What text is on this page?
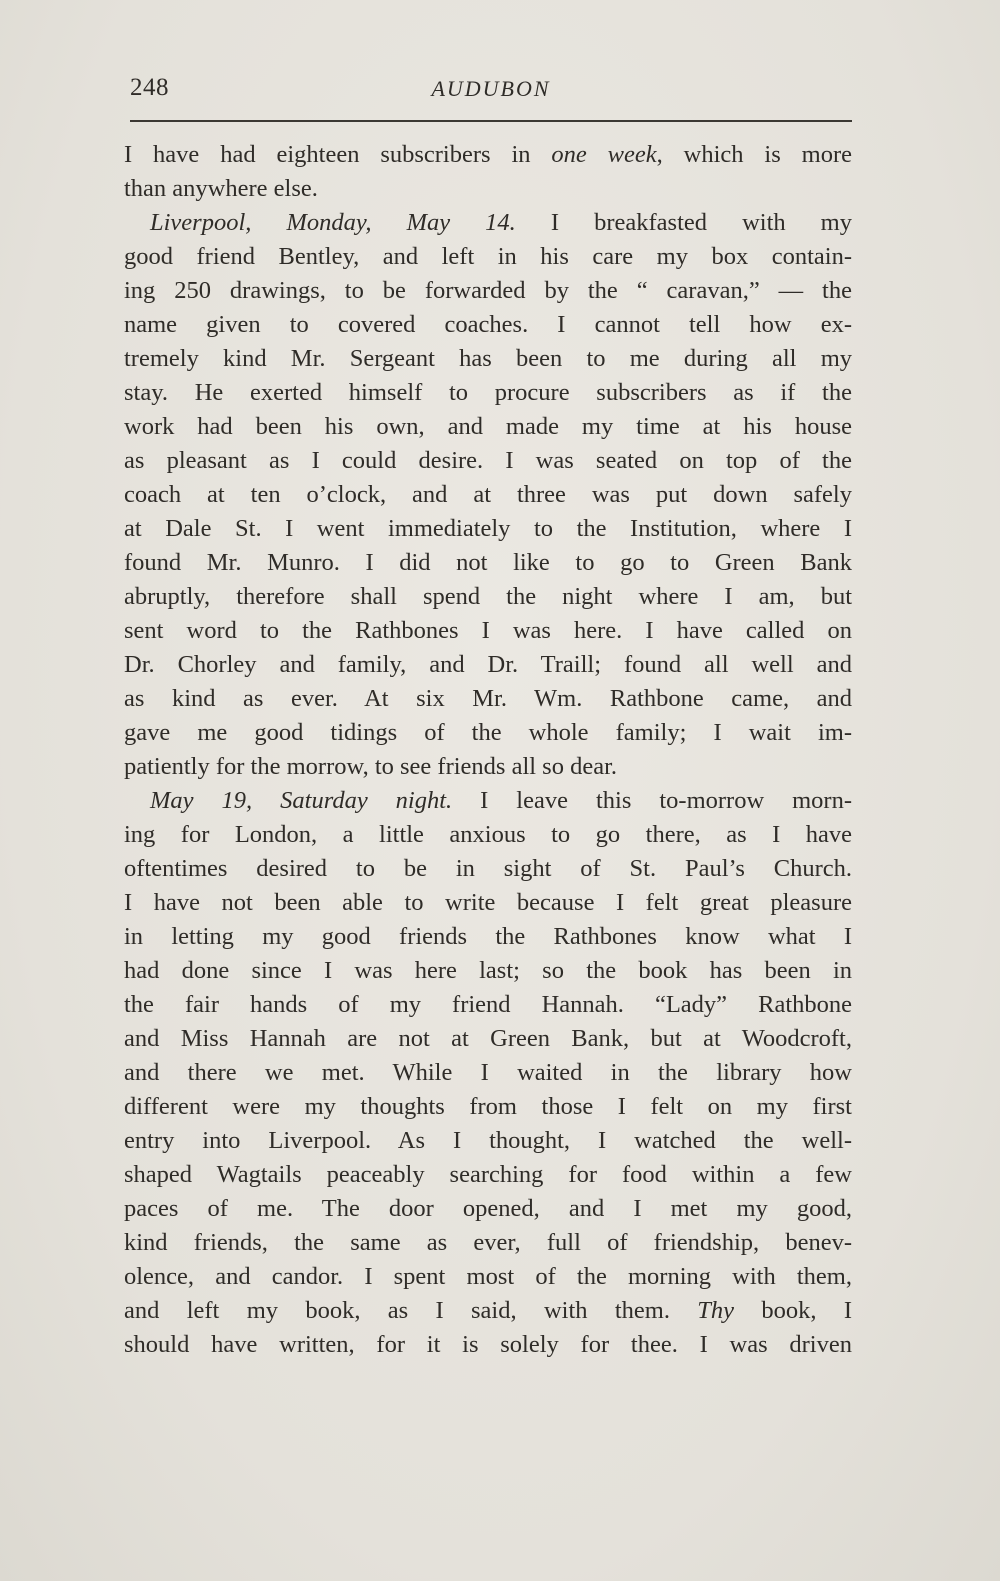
248	AUDUBON
I have had eighteen subscribers in one week, which is more
than anywhere else.
Liverpool, Monday, May 14. I breakfasted with my
good friend Bentley, and left in his care my box contain-
ing 250 drawings, to be forwarded by the “ caravan,” — the
name given to covered coaches. I cannot tell how ex-
tremely kind Mr. Sergeant has been to me during all my
stay. He exerted himself to procure subscribers as if the
work had been his own, and made my time at his house
as pleasant as I could desire. I was seated on top of the
coach at ten o’clock, and at three was put down safely
at Dale St. I went immediately to the Institution, where I
found Mr. Munro. I did not like to go to Green Bank
abruptly, therefore shall spend the night where I am, but
sent word to the Rathbones I was here. I have called on
Dr. Chorley and family, and Dr. Traill; found all well and
as kind as ever. At six Mr. Wm. Rathbone came, and
gave me good tidings of the whole family; I wait im-
patiently for the morrow, to see friends all so dear.
May 19, Saturday night. I leave this to-morrow morn-
ing for London, a little anxious to go there, as I have
oftentimes desired to be in sight of St. Paul’s Church.
I have not been able to write because I felt great pleasure
in letting my good friends the Rathbones know what I
had done since I was here last; so the book has been in
the fair hands of my friend Hannah. “Lady” Rathbone
and Miss Hannah are not at Green Bank, but at Woodcroft,
and there we met. While I waited in the library how
different were my thoughts from those I felt on my first
entry into Liverpool. As I thought, I watched the well-
shaped Wagtails peaceably searching for food within a few
paces of me. The door opened, and I met my good,
kind friends, the same as ever, full of friendship, benev-
olence, and candor. I spent most of the morning with them,
and left my book, as I said, with them. Thy book, I
should have written, for it is solely for thee. I was driven
